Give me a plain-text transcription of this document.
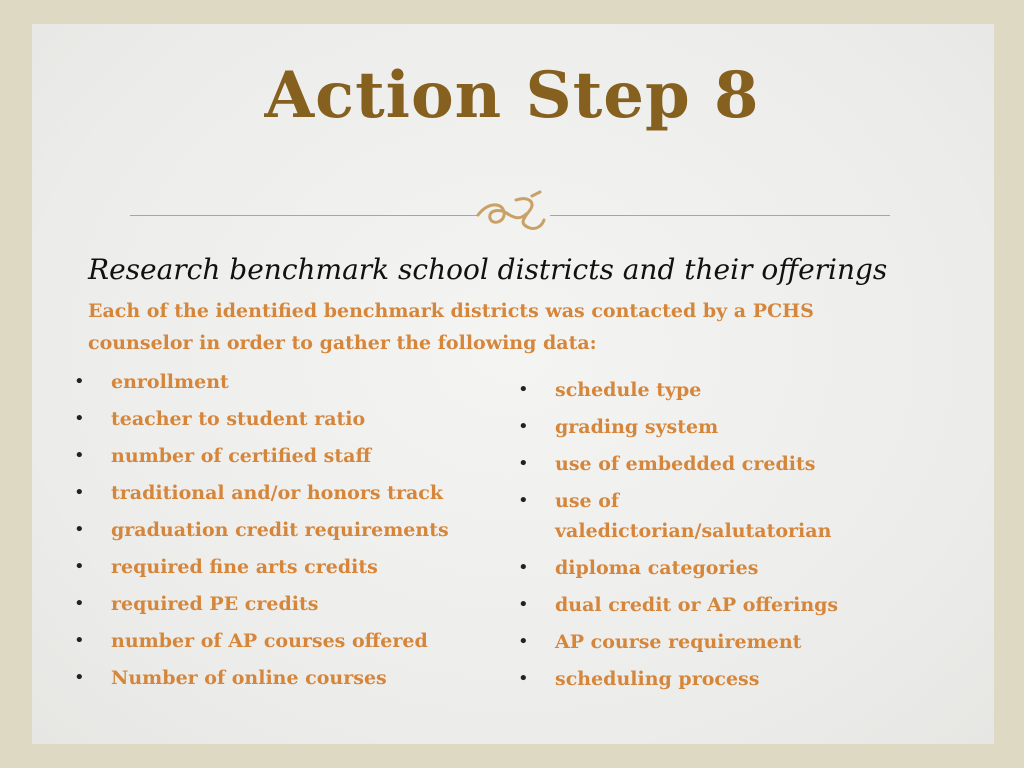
Action Step 8
Research benchmark school districts and their offerings
Each of the identified benchmark districts was contacted by a PCHS counselor in order to gather the following data:
• enrollment
• teacher to student ratio
• number of certified staff
• traditional and/or honors track
• graduation credit requirements
• required fine arts credits
• required PE credits
• number of AP courses offered
• Number of online courses
• schedule type
• grading system
• use of embedded credits
• use of valedictorian/salutatorian
• diploma categories
• dual credit or AP offerings
• AP course requirement
• scheduling process
